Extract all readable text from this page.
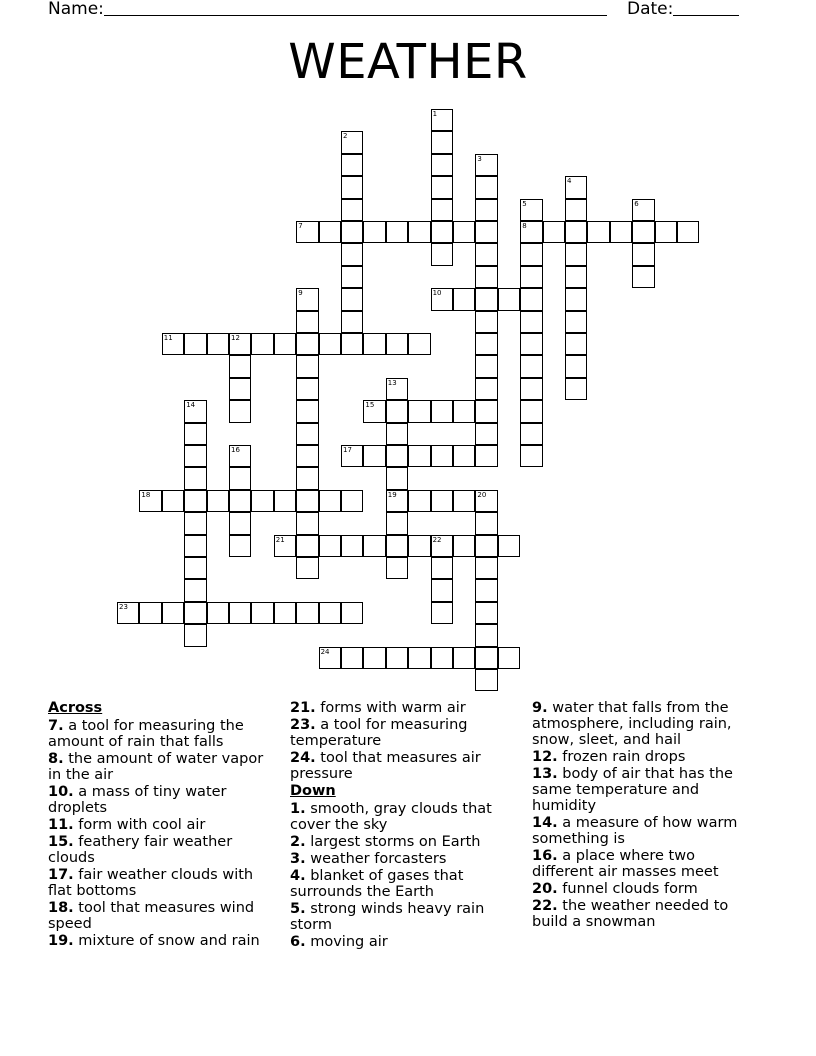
Name:	Date:
WEATHER
1
2
3
4
5	6
7	8
9	10
11	12
13
14	15
16	17
18	19	20
21	22
23
24
Across
7. a tool for measuring the amount of rain that falls
8. the amount of water vapor in the air
10. a mass of tiny water droplets
11. form with cool air
15. feathery fair weather clouds
17. fair weather clouds with flat bottoms
18. tool that measures wind speed
19. mixture of snow and rain
21. forms with warm air
23. a tool for measuring temperature
24. tool that measures air pressure
Down
1. smooth, gray clouds that cover the sky
2. largest storms on Earth
3. weather forcasters
4. blanket of gases that surrounds the Earth
5. strong winds heavy rain storm
6. moving air
9. water that falls from the atmosphere, including rain, snow, sleet, and hail
12. frozen rain drops
13. body of air that has the same temperature and humidity
14. a measure of how warm something is
16. a place where two different air masses meet
20. funnel clouds form
22. the weather needed to build a snowman
